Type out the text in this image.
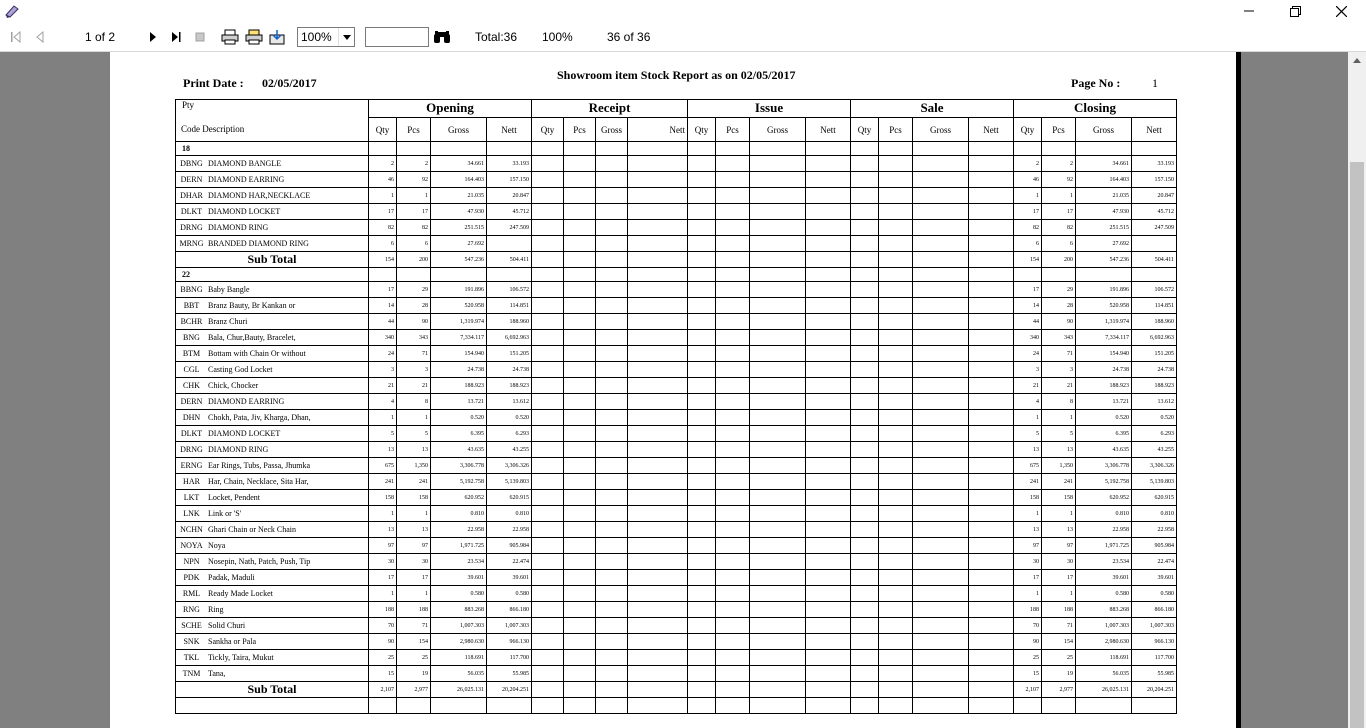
1 of 2	100%	Total:36 100%	36 of 36
Print Date : 02/05/2017
Showroom item Stock Report as on 02/05/2017
Page No :	1
Pty	Opening				Receipt				Issue				Sale				Closing			
Code Description	Qty	Pcs	Gross	Nett	Qty	Pcs	Gross	Nett	Qty	Pcs	Gross	Nett	Qty	Pcs	Gross	Nett	Qty	Pcs	Gross	Nett
18																				
DBNG DIAMOND BANGLE	2	2	34.661	33.193													2	2	34.661	33.193
DERN DIAMOND EARRING	46	92	164.403	157.150													46	92	164.403	157.150
DHAR DIAMOND HAR,NECKLACE	1	1	21.035	20.847													1	1	21.035	20.847
DLKT DIAMOND LOCKET	17	17	47.930	45.712													17	17	47.930	45.712
DRNG DIAMOND RING	82	82	251.515	247.509													82	82	251.515	247.509
MRNG BRANDED DIAMOND RING	6	6	27.692														6	6	27.692	
Sub Total	154	200	547.236	504.411													154	200	547.236	504.411
22																				
BBNG Baby Bangle	17	29	191.896	106.572													17	29	191.896	106.572
BBT Branz Bauty, Br Kankan or	14	28	520.958	114.851													14	28	520.958	114.851
BCHR Branz Churi	44	90	1,319.974	188.960													44	90	1,319.974	188.960
BNG Bala, Chur,Bauty, Bracelet,	340	343	7,334.117	6,692.963													340	343	7,334.117	6,692.963
BTM Bottam with Chain Or without	24	71	154.940	151.205													24	71	154.940	151.205
CGL Casting God Locket	3	3	24.738	24.738													3	3	24.738	24.738
CHK Chick, Chocker	21	21	188.923	188.923													21	21	188.923	188.923
DERN DIAMOND EARRING	4	8	13.721	13.612													4	8	13.721	13.612
DHN Chokh, Pata, Jiv, Kharga, Dhan,	1	1	0.520	0.520													1	1	0.520	0.520
DLKT DIAMOND LOCKET	5	5	6.395	6.293													5	5	6.395	6.293
DRNG DIAMOND RING	13	13	43.635	43.255													13	13	43.635	43.255
ERNG Ear Rings, Tubs, Passa, Jhumka	675	1,350	3,306.778	3,306.326													675	1,350	3,306.778	3,306.326
HAR Har, Chain, Necklace, Sita Har,	241	241	5,192.758	5,139.803													241	241	5,192.758	5,139.803
LKT Locket, Pendent	158	158	620.952	620.915													158	158	620.952	620.915
LNK Link or 'S'	1	1	0.810	0.810													1	1	0.810	0.810
NCHN Ghari Chain or Neck Chain	13	13	22.958	22.958													13	13	22.958	22.958
NOYA Noya	97	97	1,971.725	905.984													97	97	1,971.725	905.984
NPN Nosepin, Nath, Patch, Push, Tip	30	30	23.534	22.474													30	30	23.534	22.474
PDK Padak, Maduli	17	17	39.601	39.601													17	17	39.601	39.601
RML Ready Made Locket	1	1	0.580	0.580													1	1	0.580	0.580
RNG Ring	188	188	883.268	866.180													188	188	883.268	866.180
SCHE Solid Churi	70	71	1,007.303	1,007.303													70	71	1,007.303	1,007.303
SNK Sankha or Pala	90	154	2,980.630	966.130													90	154	2,980.630	966.130
TKL Tickly, Taira, Mukut	25	25	118.691	117.700													25	25	118.691	117.700
TNM Tana,	15	19	56.035	55.985													15	19	56.035	55.985
Sub Total	2,107	2,977	26,025.131	20,204.251													2,107	2,977	26,025.131	20,204.251
